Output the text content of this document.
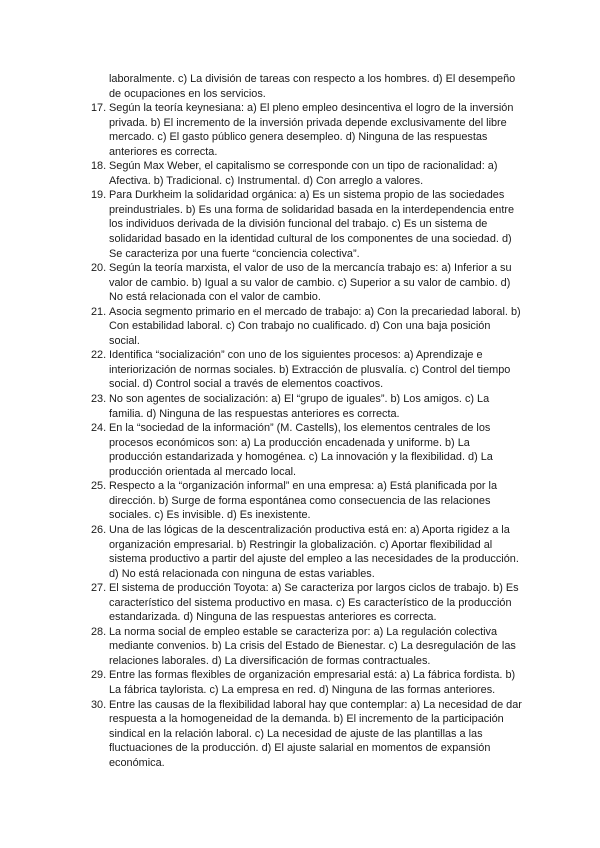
laboralmente. c) La división de tareas con respecto a los hombres. d) El desempeño de ocupaciones en los servicios.
17. Según la teoría keynesiana: a) El pleno empleo desincentiva el logro de la inversión privada. b) El incremento de la inversión privada depende exclusivamente del libre mercado. c) El gasto público genera desempleo. d) Ninguna de las respuestas anteriores es correcta.
18. Según Max Weber, el capitalismo se corresponde con un tipo de racionalidad: a) Afectiva. b) Tradicional. c) Instrumental. d) Con arreglo a valores.
19. Para Durkheim la solidaridad orgánica: a) Es un sistema propio de las sociedades preindustriales. b) Es una forma de solidaridad basada en la interdependencia entre los individuos derivada de la división funcional del trabajo. c) Es un sistema de solidaridad basado en la identidad cultural de los componentes de una sociedad. d) Se caracteriza por una fuerte “conciencia colectiva”.
20. Según la teoría marxista, el valor de uso de la mercancía trabajo es: a) Inferior a su valor de cambio. b) Igual a su valor de cambio. c) Superior a su valor de cambio. d) No está relacionada con el valor de cambio.
21. Asocia segmento primario en el mercado de trabajo: a) Con la precariedad laboral. b) Con estabilidad laboral. c) Con trabajo no cualificado. d) Con una baja posición social.
22. Identifica “socialización” con uno de los siguientes procesos: a) Aprendizaje e interiorización de normas sociales. b) Extracción de plusvalía. c) Control del tiempo social. d) Control social a través de elementos coactivos.
23. No son agentes de socialización: a) El “grupo de iguales”. b) Los amigos. c) La familia. d) Ninguna de las respuestas anteriores es correcta.
24. En la “sociedad de la información” (M. Castells), los elementos centrales de los procesos económicos son: a) La producción encadenada y uniforme. b) La producción estandarizada y homogénea. c) La innovación y la flexibilidad. d) La producción orientada al mercado local.
25. Respecto a la “organización informal” en una empresa: a) Está planificada por la dirección. b) Surge de forma espontánea como consecuencia de las relaciones sociales. c) Es invisible. d) Es inexistente.
26. Una de las lógicas de la descentralización productiva está en: a) Aporta rigidez a la organización empresarial. b) Restringir la globalización. c) Aportar flexibilidad al sistema productivo a partir del ajuste del empleo a las necesidades de la producción. d) No está relacionada con ninguna de estas variables.
27. El sistema de producción Toyota: a) Se caracteriza por largos ciclos de trabajo. b) Es característico del sistema productivo en masa. c) Es característico de la producción estandarizada. d) Ninguna de las respuestas anteriores es correcta.
28. La norma social de empleo estable se caracteriza por: a) La regulación colectiva mediante convenios. b) La crisis del Estado de Bienestar. c) La desregulación de las relaciones laborales. d) La diversificación de formas contractuales.
29. Entre las formas flexibles de organización empresarial está: a) La fábrica fordista. b) La fábrica taylorista. c) La empresa en red. d) Ninguna de las formas anteriores.
30. Entre las causas de la flexibilidad laboral hay que contemplar: a) La necesidad de dar respuesta a la homogeneidad de la demanda. b) El incremento de la participación sindical en la relación laboral. c) La necesidad de ajuste de las plantillas a las fluctuaciones de la producción. d) El ajuste salarial en momentos de expansión económica.
